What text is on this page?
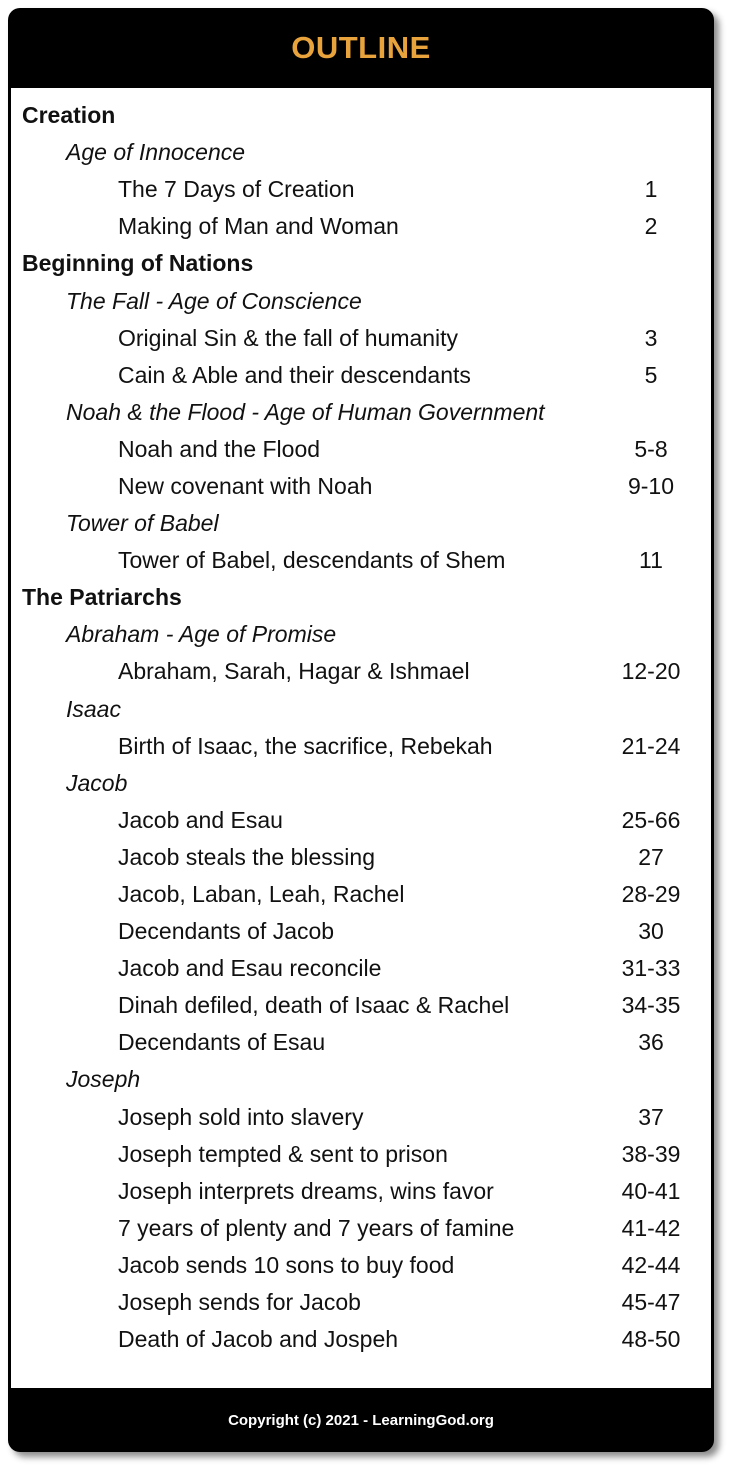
OUTLINE
Creation
Age of Innocence
The 7 Days of Creation	1
Making of Man and Woman	2
Beginning of Nations
The Fall - Age of Conscience
Original Sin & the fall of humanity	3
Cain & Able and their descendants	5
Noah & the Flood - Age of Human Government
Noah and the Flood	5-8
New covenant with Noah	9-10
Tower of Babel
Tower of Babel, descendants of Shem	11
The Patriarchs
Abraham - Age of Promise
Abraham, Sarah, Hagar & Ishmael	12-20
Isaac
Birth of Isaac, the sacrifice, Rebekah	21-24
Jacob
Jacob and Esau	25-66
Jacob steals the blessing	27
Jacob, Laban, Leah, Rachel	28-29
Decendants of Jacob	30
Jacob and Esau reconcile	31-33
Dinah defiled, death of Isaac & Rachel	34-35
Decendants of Esau	36
Joseph
Joseph sold into slavery	37
Joseph tempted & sent to prison	38-39
Joseph interprets dreams, wins favor	40-41
7 years of plenty and 7 years of famine	41-42
Jacob sends 10 sons to buy food	42-44
Joseph sends for Jacob	45-47
Death of Jacob and Jospeh	48-50
Copyright (c) 2021 - LearningGod.org
